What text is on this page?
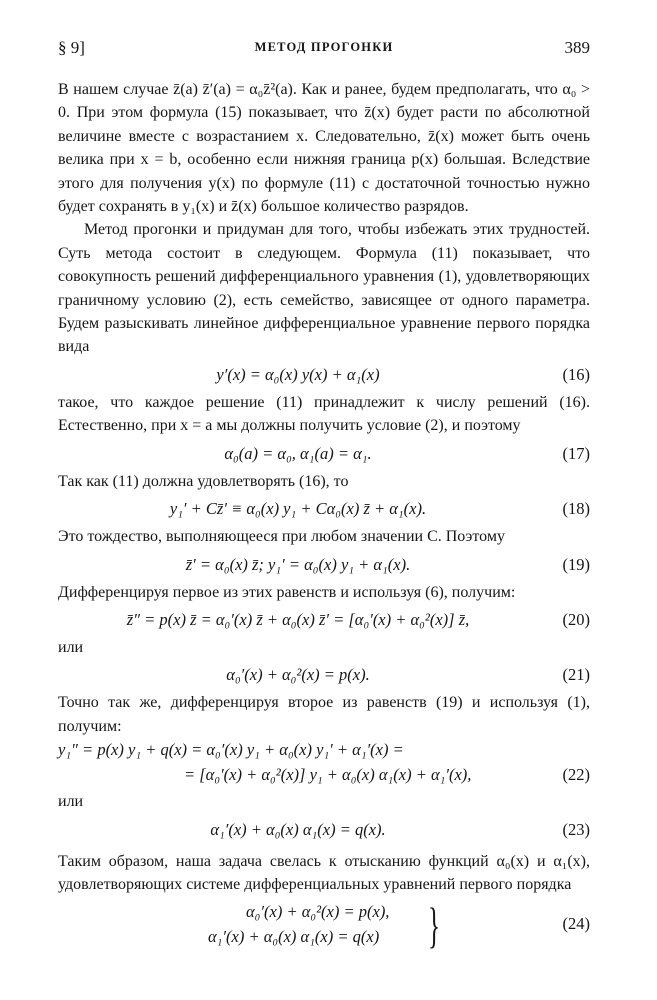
§ 9]	МЕТОД ПРОГОНКИ	389

В нашем случае z̄(a) z̄′(a) = α₀z̄²(a). Как и ранее, будем предполагать, что α₀ > 0. При этом формула (15) показывает, что z̄(x) будет расти по абсолютной величине вместе с возрастанием x. Следовательно, z̄(x) может быть очень велика при x = b, особенно если нижняя граница p(x) большая. Вследствие этого для получения y(x) по формуле (11) с достаточной точностью нужно будет сохранять в y₁(x) и z̄(x) большое количество разрядов.

Метод прогонки и придуман для того, чтобы избежать этих трудностей. Суть метода состоит в следующем. Формула (11) показывает, что совокупность решений дифференциального уравнения (1), удовлетворяющих граничному условию (2), есть семейство, зависящее от одного параметра. Будем разыскивать линейное дифференциальное уравнение первого порядка вида

y′(x) = α₀(x) y(x) + α₁(x)	(16)

такое, что каждое решение (11) принадлежит к числу решений (16). Естественно, при x = a мы должны получить условие (2), и поэтому

α₀(a) = α₀, α₁(a) = α₁.	(17)

Так как (11) должна удовлетворять (16), то

y₁′ + Cz̄′ ≡ α₀(x) y₁ + Cα₀(x) z̄ + α₁(x).	(18)

Это тождество, выполняющееся при любом значении C. Поэтому

z̄′ = α₀(x) z̄; y₁′ = α₀(x) y₁ + α₁(x).	(19)

Дифференцируя первое из этих равенств и используя (6), получим:

z̄″ = p(x) z̄ = α₀′(x) z̄ + α₀(x) z̄′ = [α₀′(x) + α₀²(x)] z̄,	(20)

или

α₀′(x) + α₀²(x) = p(x).	(21)

Точно так же, дифференцируя второе из равенств (19) и используя (1), получим:

y₁″ = p(x) y₁ + q(x) = α₀′(x) y₁ + α₀(x) y₁′ + α₁′(x) =
= [α₀′(x) + α₀²(x)] y₁ + α₀(x) α₁(x) + α₁′(x),	(22)

или

α₁′(x) + α₀(x) α₁(x) = q(x).	(23)

Таким образом, наша задача свелась к отысканию функций α₀(x) и α₁(x), удовлетворяющих системе дифференциальных уравнений первого порядка

α₀′(x) + α₀²(x) = p(x),
α₁′(x) + α₀(x) α₁(x) = q(x) }	(24)
